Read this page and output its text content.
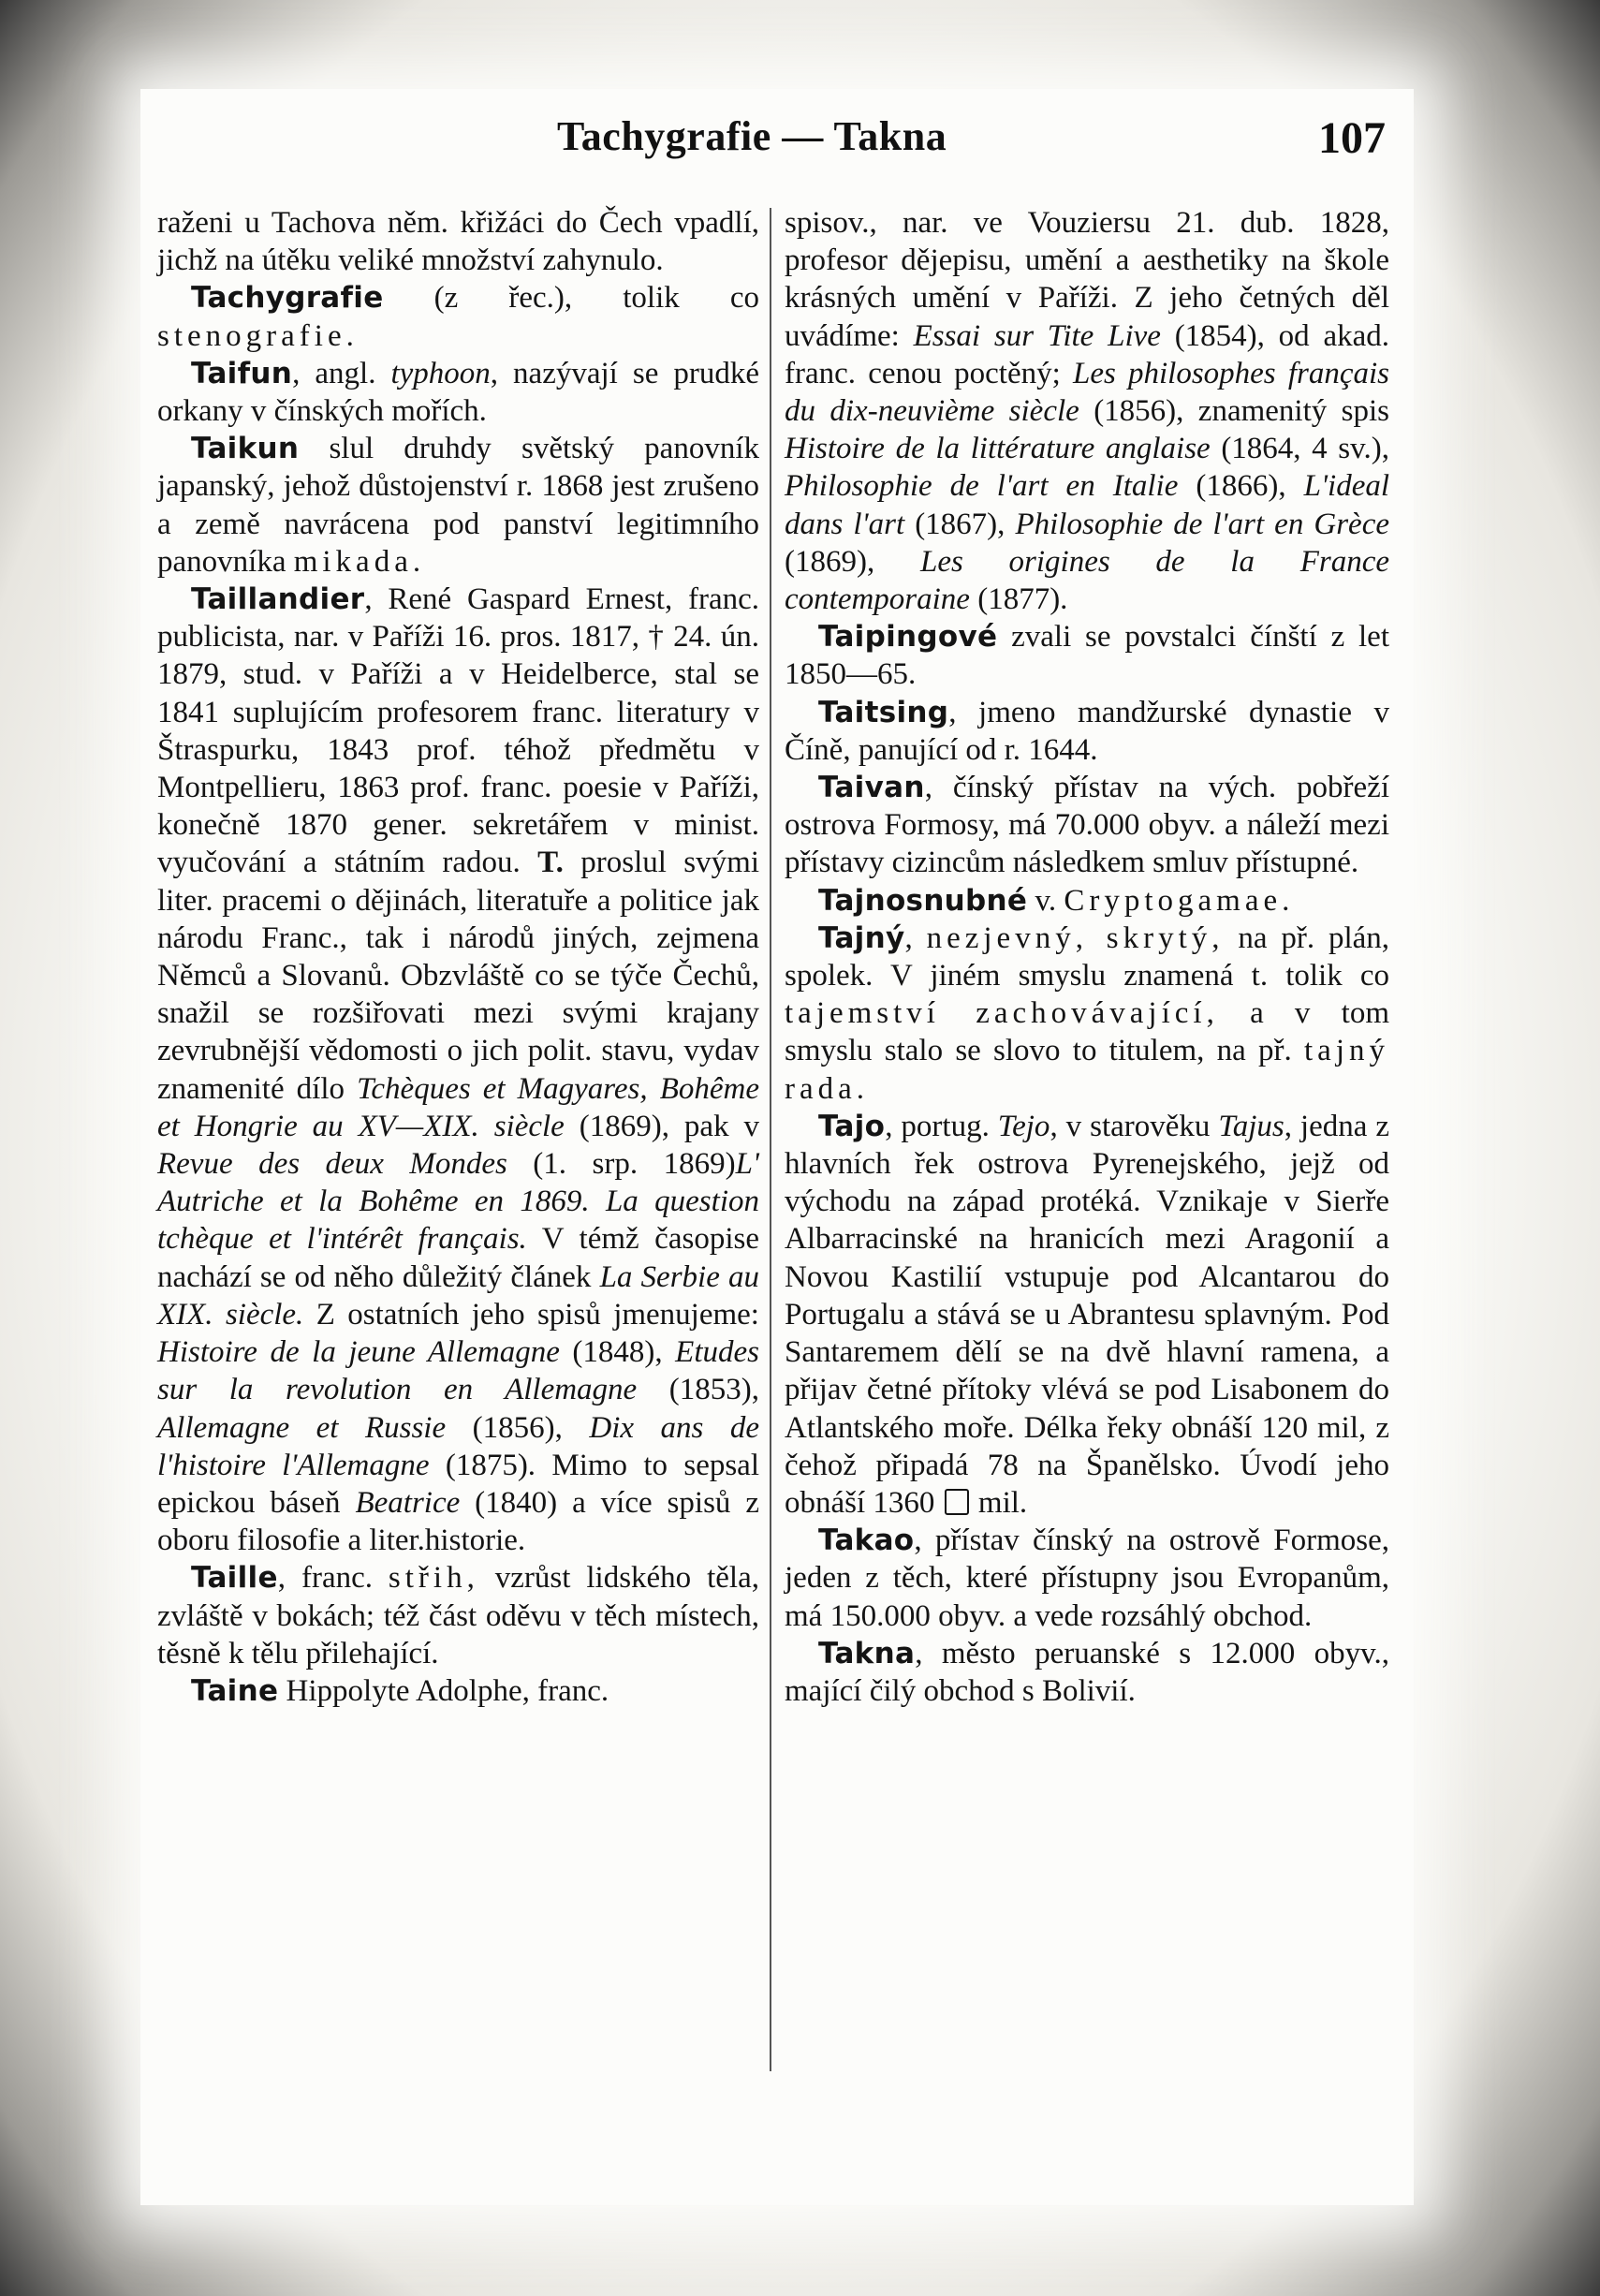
Tachygrafie — Takna	107

raženi u Tachova něm. křižáci do Čech vpadlí, jichž na útěku veliké množství zahynulo.

Tachygrafie (z řec.), tolik co stenografie.

Taifun, angl. typhoon, nazývají se prudké orkany v čínských mořích.

Taikun slul druhdy světský panovník japanský, jehož důstojenství r. 1868 jest zrušeno a země navrácena pod panství legitimního panovníka mikada.

Taillandier, René Gaspard Ernest, franc. publicista, nar. v Paříži 16. pros. 1817, † 24. ún. 1879, stud. v Paříži a v Heidelberce, stal se 1841 suplujícím profesorem franc. literatury v Štraspurku, 1843 prof. téhož předmětu v Montpellieru, 1863 prof. franc. poesie v Paříži, konečně 1870 gener. sekretářem v minist. vyučování a státním radou. T. proslul svými liter. pracemi o dějinách, literatuře a politice jak národu Franc., tak i národů jiných, zejmena Němců a Slovanů. Obzvláště co se týče Čechů, snažil se rozšiřovati mezi svými krajany zevrubnější vědomosti o jich polit. stavu, vydav znamenité dílo Tchèques et Magyares, Bohême et Hongrie au XV—XIX. siècle (1869), pak v Revue des deux Mondes (1. srp. 1869)L' Autriche et la Bohême en 1869. La question tchèque et l'intérêt français. V témž časopise nachází se od něho důležitý článek La Serbie au XIX. siècle. Z ostatních jeho spisů jmenujeme: Histoire de la jeune Allemagne (1848), Etudes sur la revolution en Allemagne (1853), Allemagne et Russie (1856), Dix ans de l'histoire l'Allemagne (1875). Mimo to sepsal epickou báseň Beatrice (1840) a více spisů z oboru filosofie a liter.historie.

Taille, franc. střih, vzrůst lidského těla, zvláště v bokách; též část oděvu v těch místech, těsně k tělu přilehající.

Taine Hippolyte Adolphe, franc.

spisov., nar. ve Vouziersu 21. dub. 1828, profesor dějepisu, umění a aesthetiky na škole krásných umění v Paříži. Z jeho četných děl uvádíme: Essai sur Tite Live (1854), od akad. franc. cenou poctěný; Les philosophes français du dix-neuvième siècle (1856), znamenitý spis Histoire de la littérature anglaise (1864, 4 sv.), Philosophie de l'art en Italie (1866), L'ideal dans l'art (1867), Philosophie de l'art en Grèce (1869), Les origines de la France contemporaine (1877).

Taipingové zvali se povstalci čínští z let 1850—65.

Taitsing, jmeno mandžurské dynastie v Číně, panující od r. 1644.

Taivan, čínský přístav na vých. pobřeží ostrova Formosy, má 70.000 obyv. a náleží mezi přístavy cizincům následkem smluv přístupné.

Tajnosnubné v. Cryptogamae.

Tajný, nezjevný, skrytý, na př. plán, spolek. V jiném smyslu znamená t. tolik co tajemství zachovávající, a v tom smyslu stalo se slovo to titulem, na př. tajný rada.

Tajo, portug. Tejo, v starověku Tajus, jedna z hlavních řek ostrova Pyrenejského, jejž od východu na západ protéká. Vznikaje v Sierře Albarracinské na hranicích mezi Aragonií a Novou Kastilií vstupuje pod Alcantarou do Portugalu a stává se u Abrantesu splavným. Pod Santaremem dělí se na dvě hlavní ramena, a přijav četné přítoky vlévá se pod Lisabonem do Atlantského moře. Délka řeky obnáší 120 mil, z čehož připadá 78 na Španělsko. Úvodí jeho obnáší 1360  mil.

Takao, přístav čínský na ostrově Formose, jeden z těch, které přístupny jsou Evropanům, má 150.000 obyv. a vede rozsáhlý obchod.

Takna, město peruanské s 12.000 obyv., mající čilý obchod s Bolivií.
